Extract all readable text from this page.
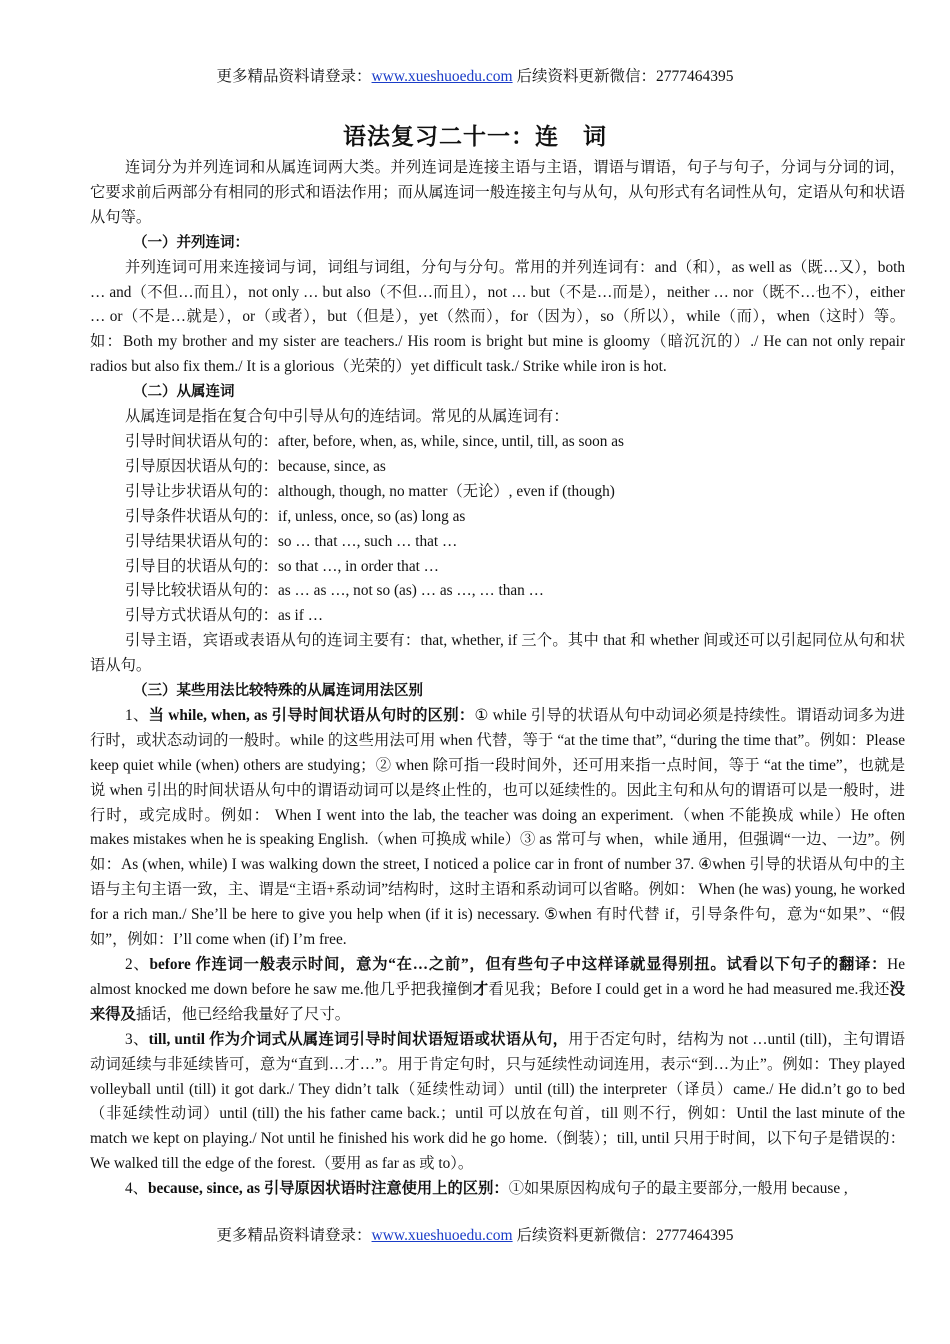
更多精品资料请登录：www.xueshuoedu.com 后续资料更新微信：2777464395
语法复习二十一：连　词

连词分为并列连词和从属连词两大类。并列连词是连接主语与主语，谓语与谓语，句子与句子，分词与分词的词，它要求前后两部分有相同的形式和语法作用；而从属连词一般连接主句与从句，从句形式有名词性从句，定语从句和状语从句等。

（一）并列连词：

并列连词可用来连接词与词，词组与词组，分句与分句。常用的并列连词有：and（和），as well as（既…又），both … and（不但…而且），not only … but also（不但…而且），not … but（不是…而是），neither … nor（既不…也不），either … or（不是…就是），or（或者），but（但是），yet（然而），for（因为），so（所以），while（而），when（这时）等。如：Both my brother and my sister are teachers./ His room is bright but mine is gloomy（暗沉沉的）./ He can not only repair radios but also fix them./ It is a glorious（光荣的）yet difficult task./ Strike while iron is hot.

（二）从属连词

从属连词是指在复合句中引导从句的连结词。常见的从属连词有：

引导时间状语从句的：after, before, when, as, while, since, until, till, as soon as

引导原因状语从句的：because, since, as

引导让步状语从句的：although, though, no matter（无论）, even if (though)

引导条件状语从句的：if, unless, once, so (as) long as

引导结果状语从句的：so … that …, such … that …

引导目的状语从句的：so that …, in order that …

引导比较状语从句的：as … as …, not so (as) … as …, … than …

引导方式状语从句的：as if …

引导主语，宾语或表语从句的连词主要有：that, whether, if 三个。其中 that 和 whether 间或还可以引起同位从句和状语从句。

（三）某些用法比较特殊的从属连词用法区别

1、当 while, when, as 引导时间状语从句时的区别：① while 引导的状语从句中动词必须是持续性。谓语动词多为进行时，或状态动词的一般时。while 的这些用法可用 when 代替，等于 “at the time that”, “during the time that”。例如：Please keep quiet while (when) others are studying；② when 除可指一段时间外，还可用来指一点时间，等于 “at the time”，也就是说 when 引出的时间状语从句中的谓语动词可以是终止性的，也可以延续性的。因此主句和从句的谓语可以是一般时，进行时，或完成时。例如： When I went into the lab, the teacher was doing an experiment.（when 不能换成 while）He often makes mistakes when he is speaking English.（when 可换成 while）③ as 常可与 when，while 通用，但强调“一边、一边”。例如：As (when, while) I was walking down the street, I noticed a police car in front of number 37. ④when 引导的状语从句中的主语与主句主语一致，主、谓是“主语+系动词”结构时，这时主语和系动词可以省略。例如： When (he was) young, he worked for a rich man./ She’ll be here to give you help when (if it is) necessary. ⑤when 有时代替 if，引导条件句，意为“如果”、“假如”，例如：I’ll come when (if) I’m free.

2、before 作连词一般表示时间，意为“在…之前”，但有些句子中这样译就显得别扭。试看以下句子的翻译：He almost knocked me down before he saw me.他几乎把我撞倒才看见我；Before I could get in a word he had measured me.我还没来得及插话，他已经给我量好了尺寸。

3、till, until 作为介词式从属连词引导时间状语短语或状语从句，用于否定句时，结构为 not …until (till)，主句谓语动词延续与非延续皆可，意为“直到…才…”。用于肯定句时，只与延续性动词连用，表示“到…为止”。例如：They played volleyball until (till) it got dark./ They didn’t talk（延续性动词）until (till) the interpreter（译员）came./ He did.n’t go to bed（非延续性动词）until (till) the his father came back.；until 可以放在句首，till 则不行，例如：Until the last minute of the match we kept on playing./ Not until he finished his work did he go home.（倒装）；till, until 只用于时间，以下句子是错误的：We walked till the edge of the forest.（要用 as far as 或 to）。

4、because, since, as 引导原因状语时注意使用上的区别：①如果原因构成句子的最主要部分,一般用 because ,

更多精品资料请登录：www.xueshuoedu.com 后续资料更新微信：2777464395
